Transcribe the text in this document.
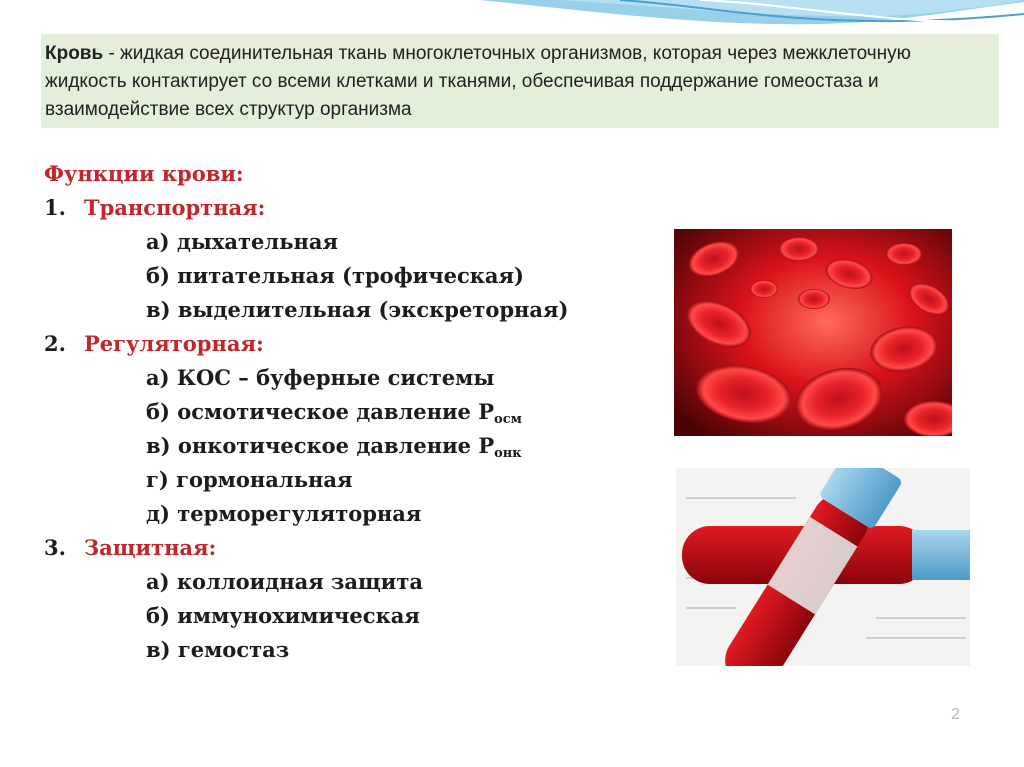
Кровь - жидкая соединительная ткань многоклеточных организмов, которая через межклеточную жидкость контактирует со всеми клетками и тканями, обеспечивая поддержание гомеостаза и взаимодействие всех структур организма
Функции крови:
1. Транспортная:
а) дыхательная
б) питательная (трофическая)
в) выделительная (экскреторная)
2. Регуляторная:
а) КОС – буферные системы
б) осмотическое давление $P_{осм}$
в) онкотическое давление $P_{онк}$
г) гормональная
д) терморегуляторная
3. Защитная:
а) коллоидная защита
б) иммунохимическая
в) гемостаз
2
